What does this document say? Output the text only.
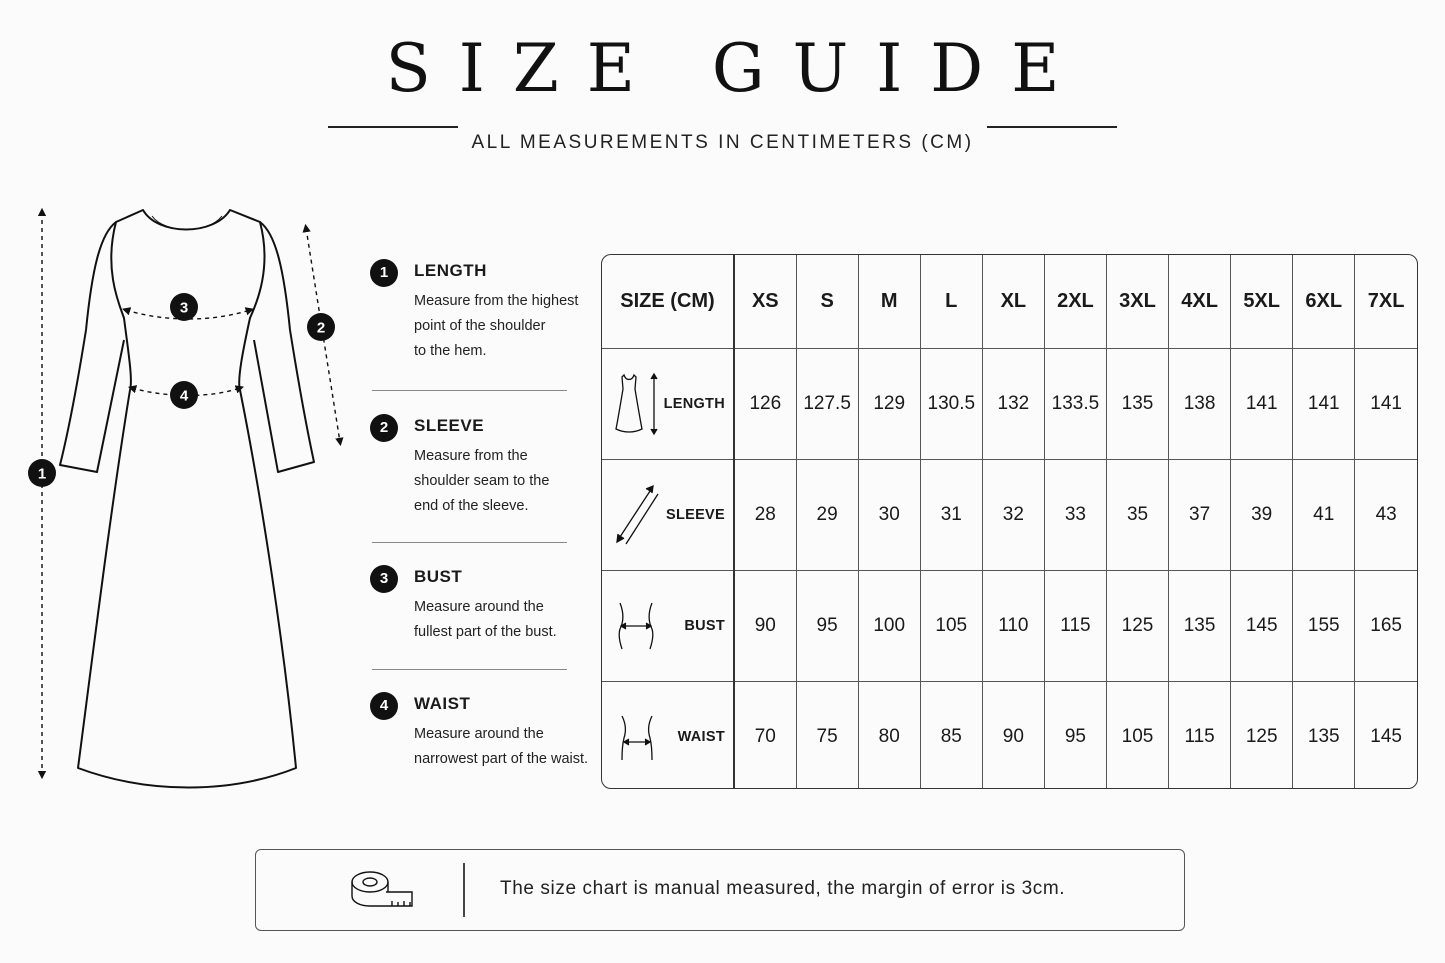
SIZE GUIDE
ALL MEASUREMENTS IN CENTIMETERS (CM)
1
2
3
4
1	LENGTH
Measure from the highest
point of the shoulder
to the hem.
2	SLEEVE
Measure from the
shoulder seam to the
end of the sleeve.
3	BUST
Measure around the
fullest part of the bust.
4	WAIST
Measure around the
narrowest part of the waist.
SIZE (CM)	XS	S	M	L	XL	2XL	3XL	4XL	5XL	6XL	7XL

LENGTH	126	127.5	129	130.5	132	133.5	135	138	141	141	141

SLEEVE	28	29	30	31	32	33	35	37	39	41	43

BUST	90	95	100	105	110	115	125	135	145	155	165

WAIST	70	75	80	85	90	95	105	115	125	135	145
The size chart is manual measured, the margin of error is 3cm.
